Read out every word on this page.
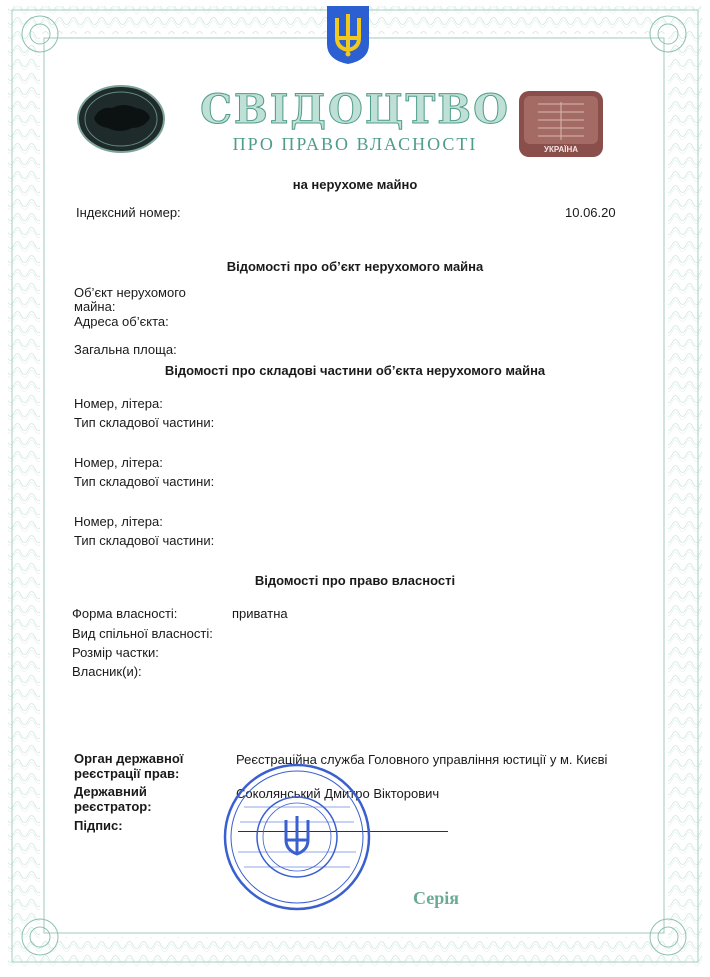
УКРАЇНА
СВІДОЦТВО
ПРО ПРАВО ВЛАСНОСТІ
на нерухоме майно
Індексний номер:	10.06.20
Відомості про об’єкт нерухомого майна
Об’єкт нерухомого
майна:
Адреса об’єкта:
Загальна площа:
Відомості про складові частини об’єкта нерухомого майна
Номер, літера:
Тип складової частини:
Номер, літера:
Тип складової частини:
Номер, літера:
Тип складової частини:
Відомості про право власності
Форма власності:	приватна
Вид спільної власності:
Розмір частки:
Власник(и):
Орган державної
реєстрації прав:
Реєстраційна служба Головного управління юстиції у м. Києві
Державний
реєстратор:
Соколянський Дмитро Вікторович
Підпис:
Серія
